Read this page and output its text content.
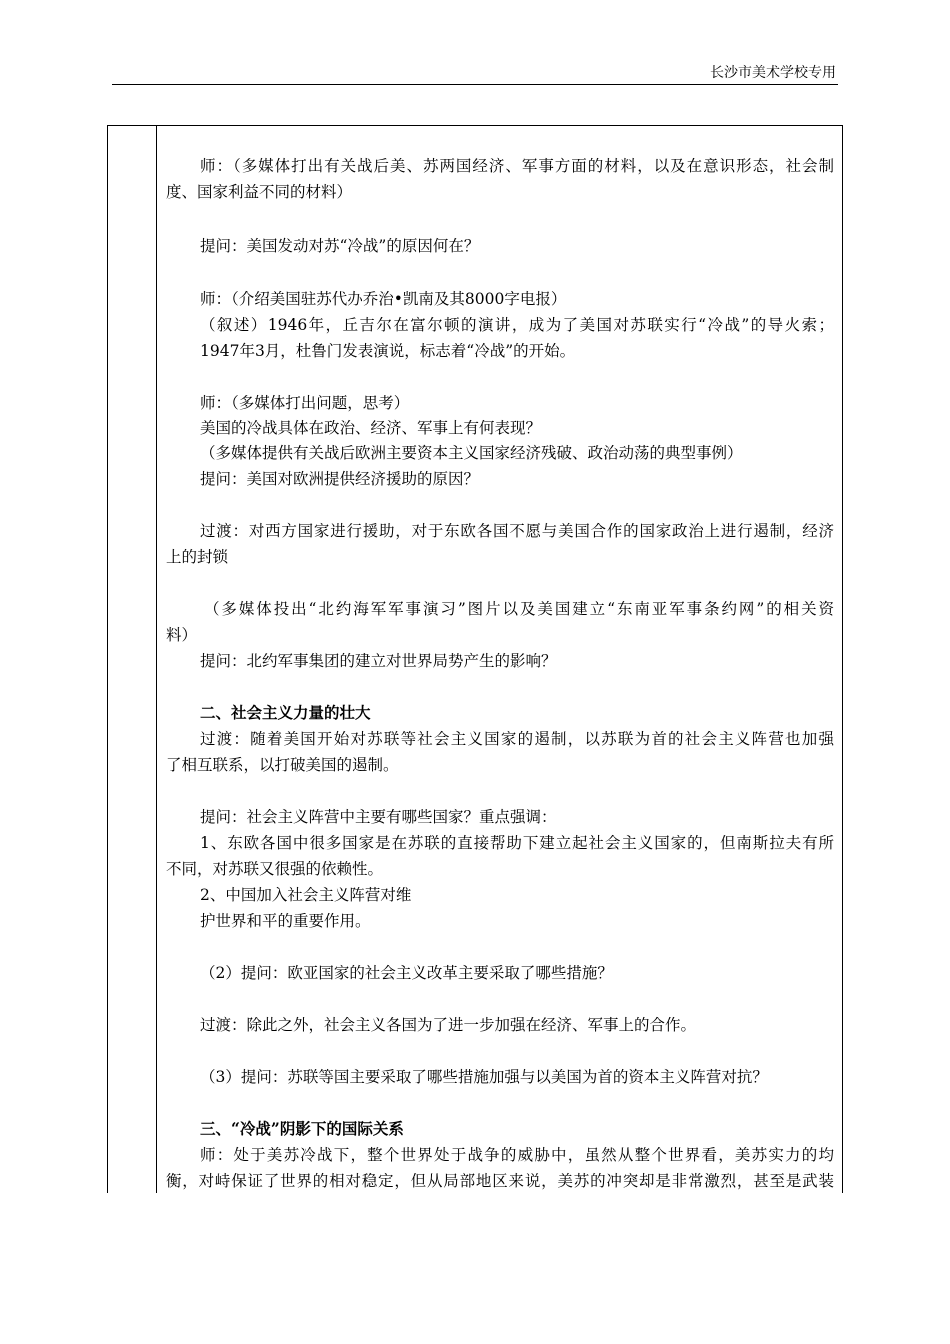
长沙市美术学校专用
师：（多媒体打出有关战后美、苏两国经济、军事方面的材料，以及在意识形态，社会制
度、国家利益不同的材料）
提问：美国发动对苏“冷战”的原因何在？
师：（介绍美国驻苏代办乔治•凯南及其8000字电报）
（叙述）1946年，丘吉尔在富尔顿的演讲，成为了美国对苏联实行“冷战”的导火索；
1947年3月，杜鲁门发表演说，标志着“冷战”的开始。
师：（多媒体打出问题，思考）
美国的冷战具体在政治、经济、军事上有何表现？
（多媒体提供有关战后欧洲主要资本主义国家经济残破、政治动荡的典型事例）
提问：美国对欧洲提供经济援助的原因？
过渡：对西方国家进行援助，对于东欧各国不愿与美国合作的国家政治上进行遏制，经济
上的封锁
（多媒体投出“北约海军军事演习”图片以及美国建立“东南亚军事条约网”的相关资
料）
提问：北约军事集团的建立对世界局势产生的影响？
二、社会主义力量的壮大
过渡：随着美国开始对苏联等社会主义国家的遏制，以苏联为首的社会主义阵营也加强
了相互联系，以打破美国的遏制。
提问：社会主义阵营中主要有哪些国家？重点强调：
1、东欧各国中很多国家是在苏联的直接帮助下建立起社会主义国家的，但南斯拉夫有所
不同，对苏联又很强的依赖性。
2、中国加入社会主义阵营对维
护世界和平的重要作用。
（2）提问：欧亚国家的社会主义改革主要采取了哪些措施？
过渡：除此之外，社会主义各国为了进一步加强在经济、军事上的合作。
（3）提问：苏联等国主要采取了哪些措施加强与以美国为首的资本主义阵营对抗？
三、“冷战”阴影下的国际关系
师：处于美苏冷战下，整个世界处于战争的威胁中，虽然从整个世界看，美苏实力的均
衡，对峙保证了世界的相对稳定，但从局部地区来说，美苏的冲突却是非常激烈，甚至是武装
